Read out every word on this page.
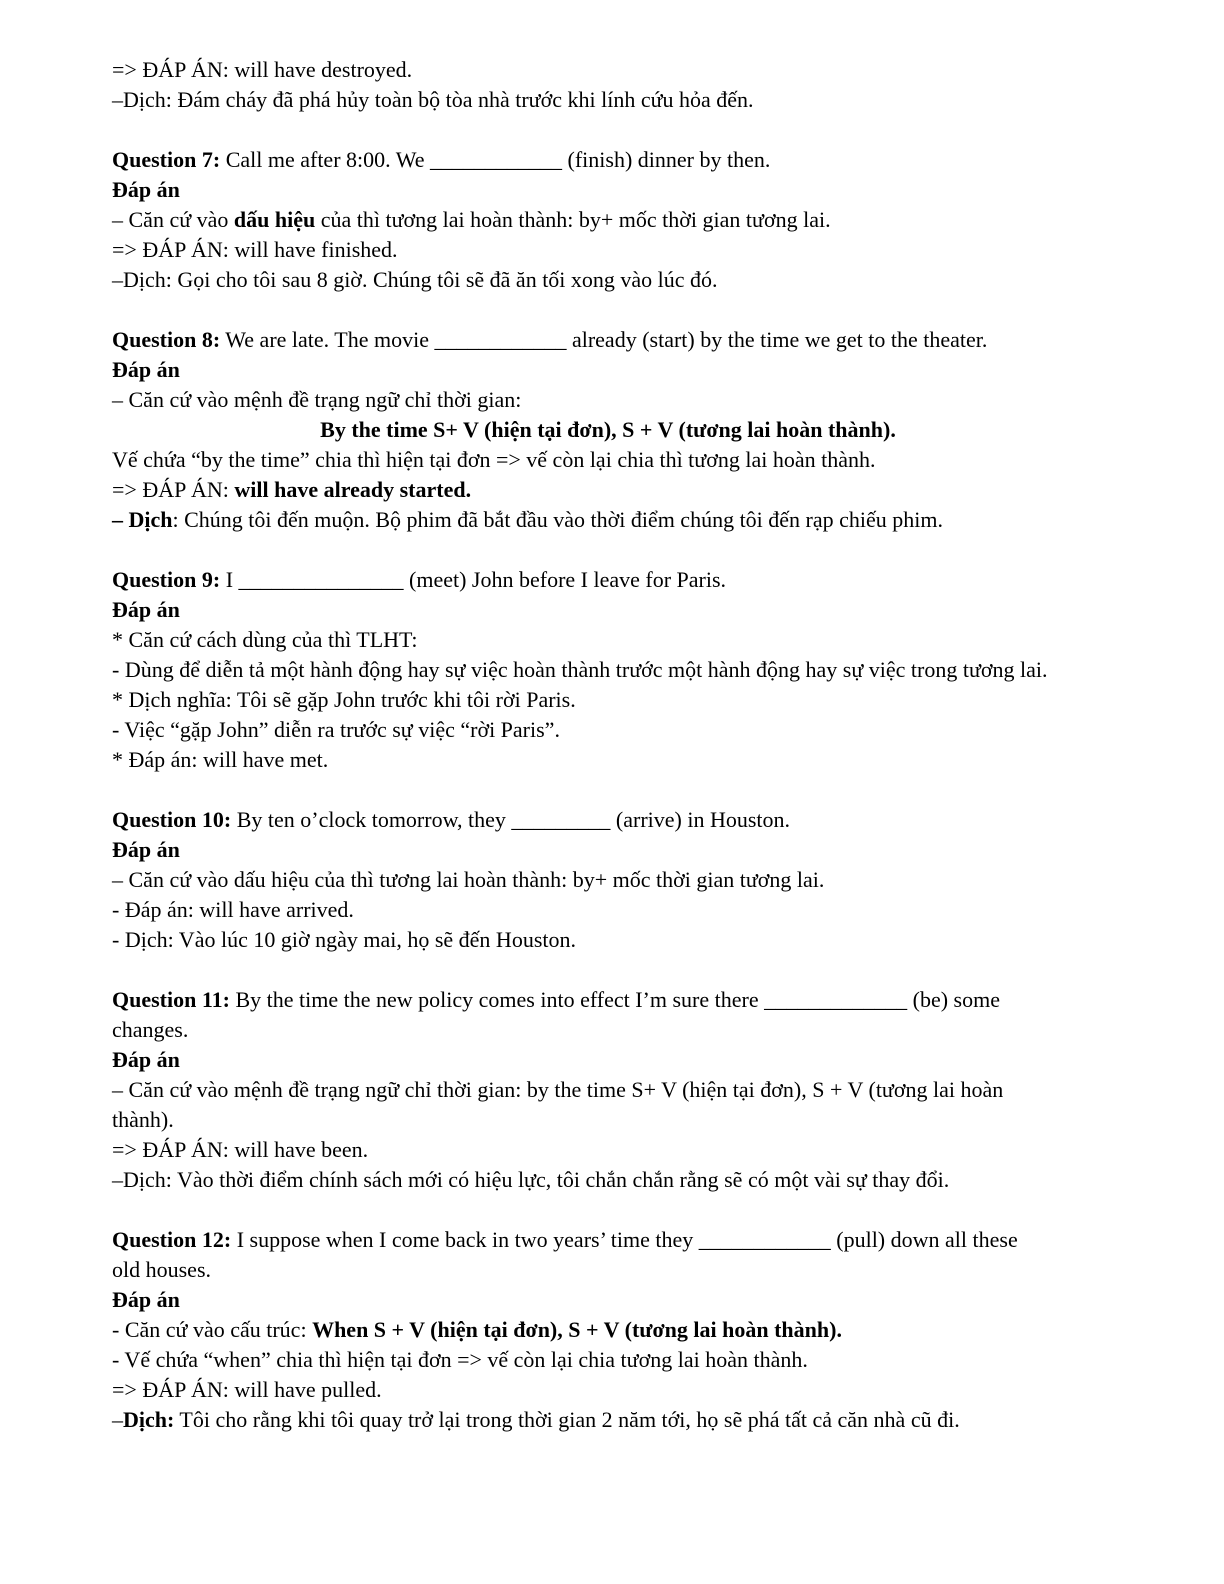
=> ĐÁP ÁN: will have destroyed.

–Dịch: Đám cháy đã phá hủy toàn bộ tòa nhà trước khi lính cứu hỏa đến.

Question 7: Call me after 8:00. We ____________ (finish) dinner by then.

Đáp án

– Căn cứ vào dấu hiệu của thì tương lai hoàn thành: by+ mốc thời gian tương lai.

=> ĐÁP ÁN: will have finished.

–Dịch: Gọi cho tôi sau 8 giờ. Chúng tôi sẽ đã ăn tối xong vào lúc đó.

Question 8: We are late. The movie ____________ already (start) by the time we get to the theater.

Đáp án

– Căn cứ vào mệnh đề trạng ngữ chỉ thời gian:

By the time S+ V (hiện tại đơn), S + V (tương lai hoàn thành).

Vế chứa “by the time” chia thì hiện tại đơn => vế còn lại chia thì tương lai hoàn thành.

=> ĐÁP ÁN: will have already started.

– Dịch: Chúng tôi đến muộn. Bộ phim đã bắt đầu vào thời điểm chúng tôi đến rạp chiếu phim.

Question 9: I _______________ (meet) John before I leave for Paris.

Đáp án

* Căn cứ cách dùng của thì TLHT:

- Dùng để diễn tả một hành động hay sự việc hoàn thành trước một hành động hay sự việc trong tương lai.

* Dịch nghĩa: Tôi sẽ gặp John trước khi tôi rời Paris.

- Việc “gặp John” diễn ra trước sự việc “rời Paris”.

* Đáp án: will have met.

Question 10: By ten o’clock tomorrow, they _________ (arrive) in Houston.

Đáp án

– Căn cứ vào dấu hiệu của thì tương lai hoàn thành: by+ mốc thời gian tương lai.

- Đáp án: will have arrived.

- Dịch: Vào lúc 10 giờ ngày mai, họ sẽ đến Houston.

Question 11: By the time the new policy comes into effect I’m sure there _____________ (be) some

changes.

Đáp án

– Căn cứ vào mệnh đề trạng ngữ chỉ thời gian: by the time S+ V (hiện tại đơn), S + V (tương lai hoàn

thành).

=> ĐÁP ÁN: will have been.

–Dịch: Vào thời điểm chính sách mới có hiệu lực, tôi chắn chắn rằng sẽ có một vài sự thay đổi.

Question 12: I suppose when I come back in two years’ time they ____________ (pull) down all these

old houses.

Đáp án

- Căn cứ vào cấu trúc: When S + V (hiện tại đơn), S + V (tương lai hoàn thành).

- Vế chứa “when” chia thì hiện tại đơn => vế còn lại chia tương lai hoàn thành.

=> ĐÁP ÁN: will have pulled.

–Dịch: Tôi cho rằng khi tôi quay trở lại trong thời gian 2 năm tới, họ sẽ phá tất cả căn nhà cũ đi.
